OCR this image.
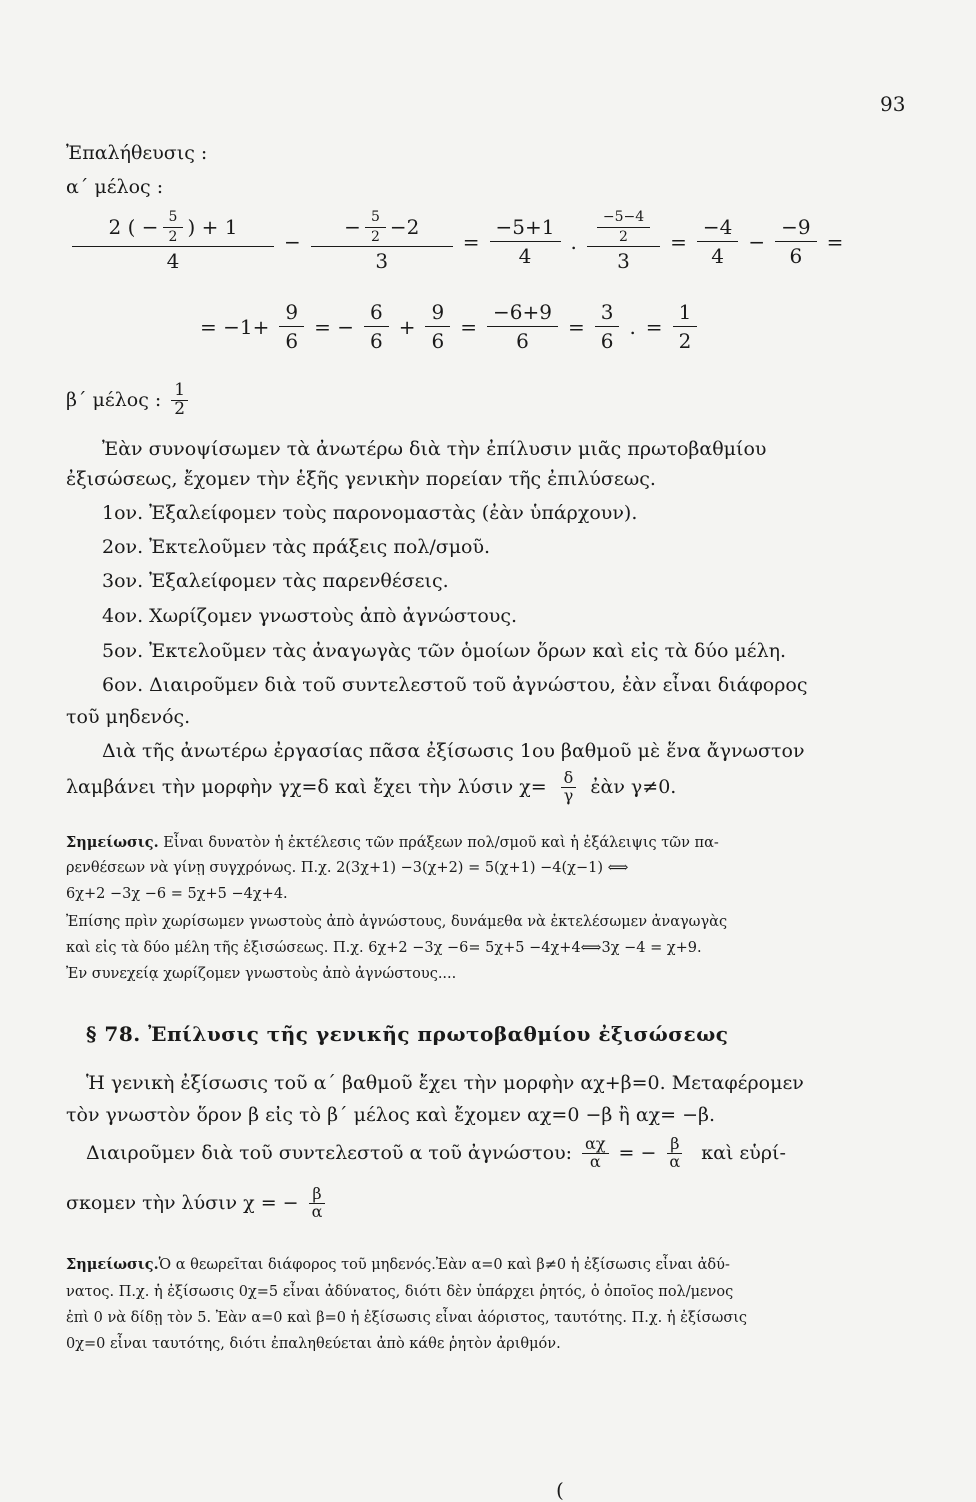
93
Ἐπαλήθευσις :
α΄ μέλος :
$\frac{2 ( - \frac{5}{2} ) + 1}{4} - \frac{- \frac{5}{2} -2}{3} = \frac{-5+1}{4}$ . $\frac{\frac{-5-4}{2}}{3} = \frac{-4}{4} - \frac{-9}{6}$ =
= $-1+ \frac{9}{6}$ = − $\frac{6}{6} + \frac{9}{6} = \frac{-6+9}{6} = \frac{3}{6}$ . = $\frac{1}{2}$
β΄ μέλος : $\frac{1}{2}$
Ἐὰν συνοψίσωμεν τὰ ἀνωτέρω διὰ τὴν ἐπίλυσιν μιᾶς πρωτοβαθμίου
ἐξισώσεως, ἔχομεν τὴν ἑξῆς γενικὴν πορείαν τῆς ἐπιλύσεως.
1ον. Ἐξαλείφομεν τοὺς παρονομαστὰς (ἐὰν ὑπάρχουν).
2ον. Ἐκτελοῦμεν τὰς πράξεις πολ/σμοῦ.
3ον. Ἐξαλείφομεν τὰς παρενθέσεις.
4ον. Χωρίζομεν γνωστοὺς ἀπὸ ἀγνώστους.
5ον. Ἐκτελοῦμεν τὰς ἀναγωγὰς τῶν ὁμοίων ὅρων καὶ εἰς τὰ δύο μέλη.
6ον. Διαιροῦμεν διὰ τοῦ συντελεστοῦ τοῦ ἀγνώστου, ἐὰν εἶναι διάφορος
τοῦ μηδενός.
Διὰ τῆς ἀνωτέρω ἐργασίας πᾶσα ἐξίσωσις 1ου βαθμοῦ μὲ ἕνα ἄγνωστον
λαμβάνει τὴν μορφὴν γχ=δ καὶ ἔχει τὴν λύσιν $\chi= \frac{\delta}{\gamma}$ ἐὰν γ≠0.
Σημείωσις. Εἶναι δυνατὸν ἡ ἐκτέλεσις τῶν πράξεων πολ/σμοῦ καὶ ἡ ἐξάλειψις τῶν πα-
ρενθέσεων νὰ γίνῃ συγχρόνως. Π.χ. 2(3χ+1) −3(χ+2) = 5(χ+1) −4(χ−1) ⟺
6χ+2 −3χ −6 = 5χ+5 −4χ+4.
Ἐπίσης πρὶν χωρίσωμεν γνωστοὺς ἀπὸ ἀγνώστους, δυνάμεθα νὰ ἐκτελέσωμεν ἀναγωγὰς
καὶ εἰς τὰ δύο μέλη τῆς ἐξισώσεως. Π.χ. 6χ+2 −3χ −6= 5χ+5 −4χ+4⟺3χ −4 = χ+9.
Ἐν συνεχείᾳ χωρίζομεν γνωστοὺς ἀπὸ ἀγνώστους....
§ 78. Ἐπίλυσις τῆς γενικῆς πρωτοβαθμίου ἐξισώσεως
Ἡ γενικὴ ἐξίσωσις τοῦ α΄ βαθμοῦ ἔχει τὴν μορφὴν αχ+β=0. Μεταφέρομεν
τὸν γνωστὸν ὅρον β εἰς τὸ β΄ μέλος καὶ ἔχομεν αχ=0 −β ἢ αχ= −β.
Διαιροῦμεν διὰ τοῦ συντελεστοῦ α τοῦ ἀγνώστου: $\frac{\alpha\chi}{\alpha}$ = − $\frac{\beta}{\alpha}$ καὶ εὑρί-
σκομεν τὴν λύσιν χ = − $\frac{\beta}{\alpha}$
Σημείωσις.Ὁ α θεωρεῖται διάφορος τοῦ μηδενός.Ἐὰν α=0 καὶ β≠0 ἡ ἐξίσωσις εἶναι ἀδύ-
νατος. Π.χ. ἡ ἐξίσωσις 0χ=5 εἶναι ἀδύνατος, διότι δὲν ὑπάρχει ῥητός, ὁ ὁποῖος πολ/μενος
ἐπὶ 0 νὰ δίδῃ τὸν 5. Ἐὰν α=0 καὶ β=0 ἡ ἐξίσωσις εἶναι ἀόριστος, ταυτότης. Π.χ. ἡ ἐξίσωσις
0χ=0 εἶναι ταυτότης, διότι ἐπαληθεύεται ἀπὸ κάθε ῥητὸν ἀριθμόν.
(
